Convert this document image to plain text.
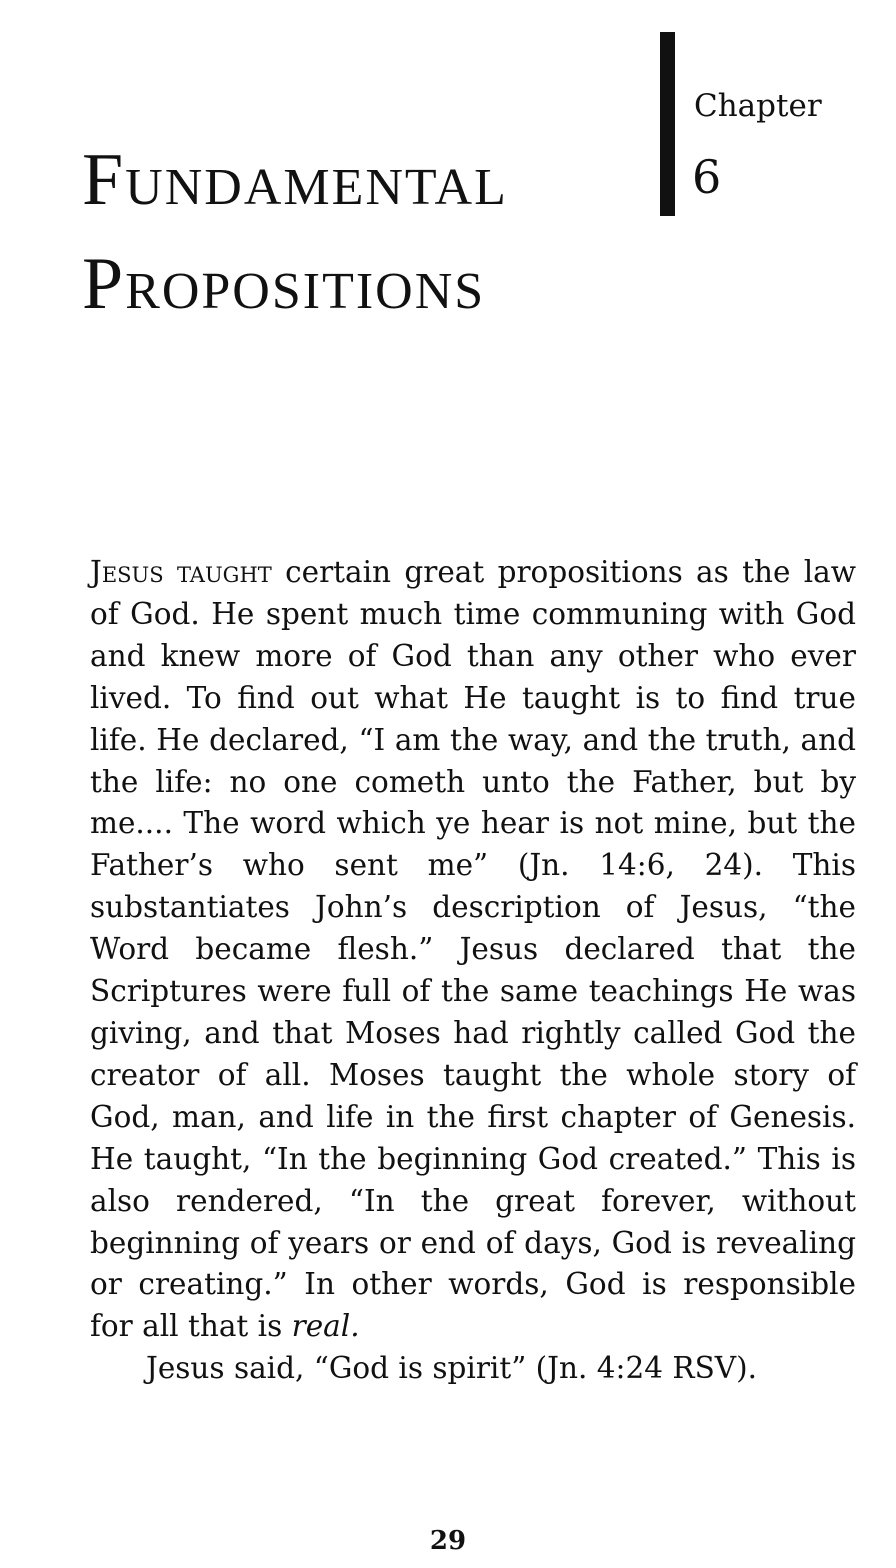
Chapter
6
Fundamental
Propositions

Jesus taught certain great propositions as the law of God. He spent much time communing with God and knew more of God than any other who ever lived. To find out what He taught is to find true life. He declared, “I am the way, and the truth, and the life: no one cometh unto the Father, but by me.... The word which ye hear is not mine, but the Father’s who sent me” (Jn. 14:6, 24). This substantiates John’s description of Jesus, “the Word became flesh.” Jesus declared that the Scriptures were full of the same teachings He was giving, and that Moses had rightly called God the creator of all. Moses taught the whole story of God, man, and life in the first chapter of Genesis. He taught, “In the beginning God created.” This is also rendered, “In the great forever, without beginning of years or end of days, God is revealing or creating.” In other words, God is responsible for all that is real.

Jesus said, “God is spirit” (Jn. 4:24 RSV).

29
